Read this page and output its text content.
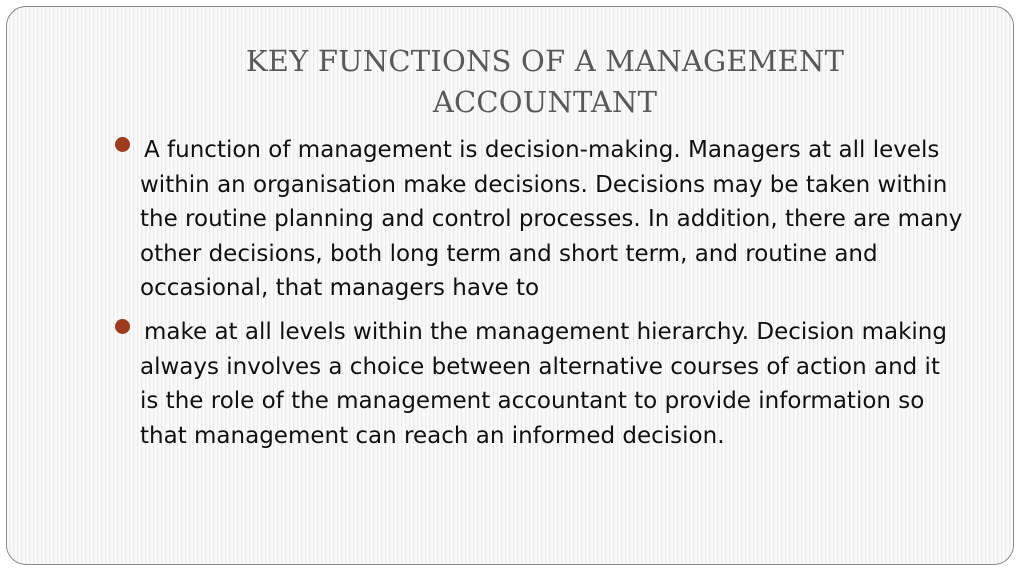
KEY FUNCTIONS OF A MANAGEMENT
ACCOUNTANT
A function of management is decision-making. Managers at all levels within an organisation make decisions. Decisions may be taken within the routine planning and control processes. In addition, there are many other decisions, both long term and short term, and routine and occasional, that managers have to
make at all levels within the management hierarchy. Decision making always involves a choice between alternative courses of action and it is the role of the management accountant to provide information so that management can reach an informed decision.
